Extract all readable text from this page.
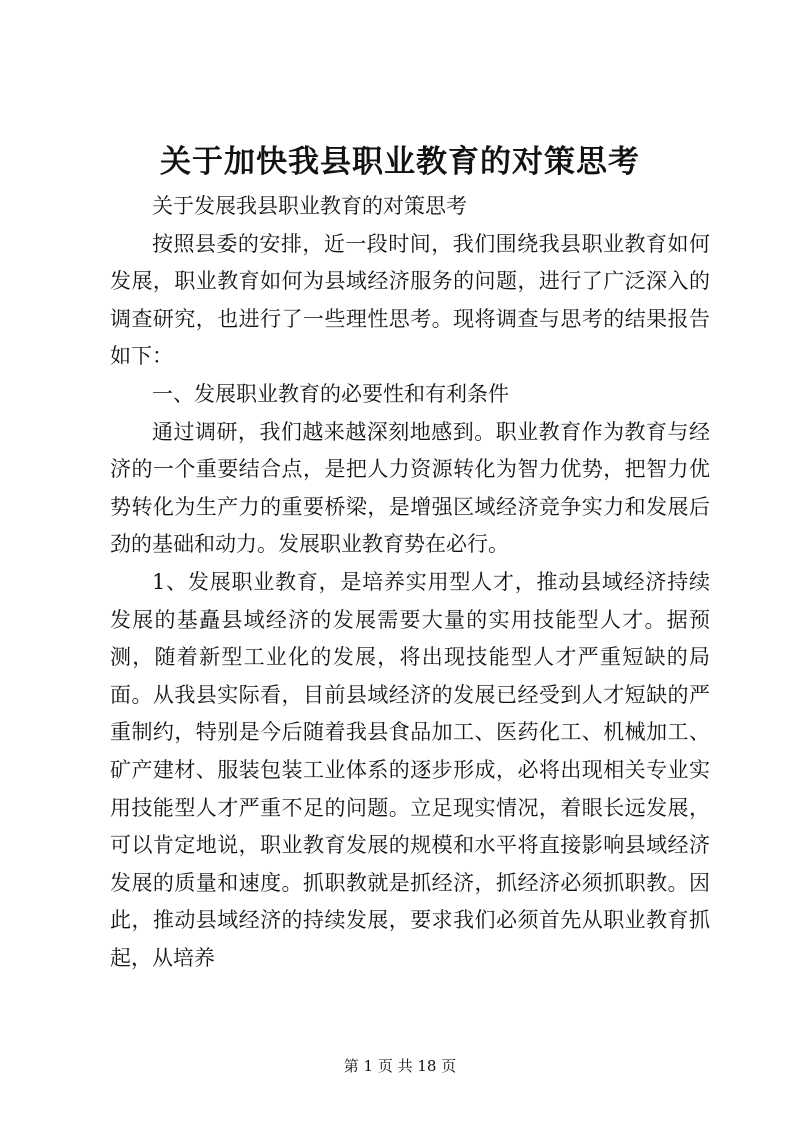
关于加快我县职业教育的对策思考

关于发展我县职业教育的对策思考

按照县委的安排，近一段时间，我们围绕我县职业教育如何发展，职业教育如何为县域经济服务的问题，进行了广泛深入的调查研究，也进行了一些理性思考。现将调查与思考的结果报告如下：

一、发展职业教育的必要性和有利条件

通过调研，我们越来越深刻地感到。职业教育作为教育与经济的一个重要结合点，是把人力资源转化为智力优势，把智力优势转化为生产力的重要桥梁，是增强区域经济竞争实力和发展后劲的基础和动力。发展职业教育势在必行。

1、发展职业教育，是培养实用型人才，推动县域经济持续发展的基矗县域经济的发展需要大量的实用技能型人才。据预测，随着新型工业化的发展，将出现技能型人才严重短缺的局面。从我县实际看，目前县域经济的发展已经受到人才短缺的严重制约，特别是今后随着我县食品加工、医药化工、机械加工、矿产建材、服装包装工业体系的逐步形成，必将出现相关专业实用技能型人才严重不足的问题。立足现实情况，着眼长远发展，可以肯定地说，职业教育发展的规模和水平将直接影响县域经济发展的质量和速度。抓职教就是抓经济，抓经济必须抓职教。因此，推动县域经济的持续发展，要求我们必须首先从职业教育抓起，从培养

第 1 页 共 18 页
